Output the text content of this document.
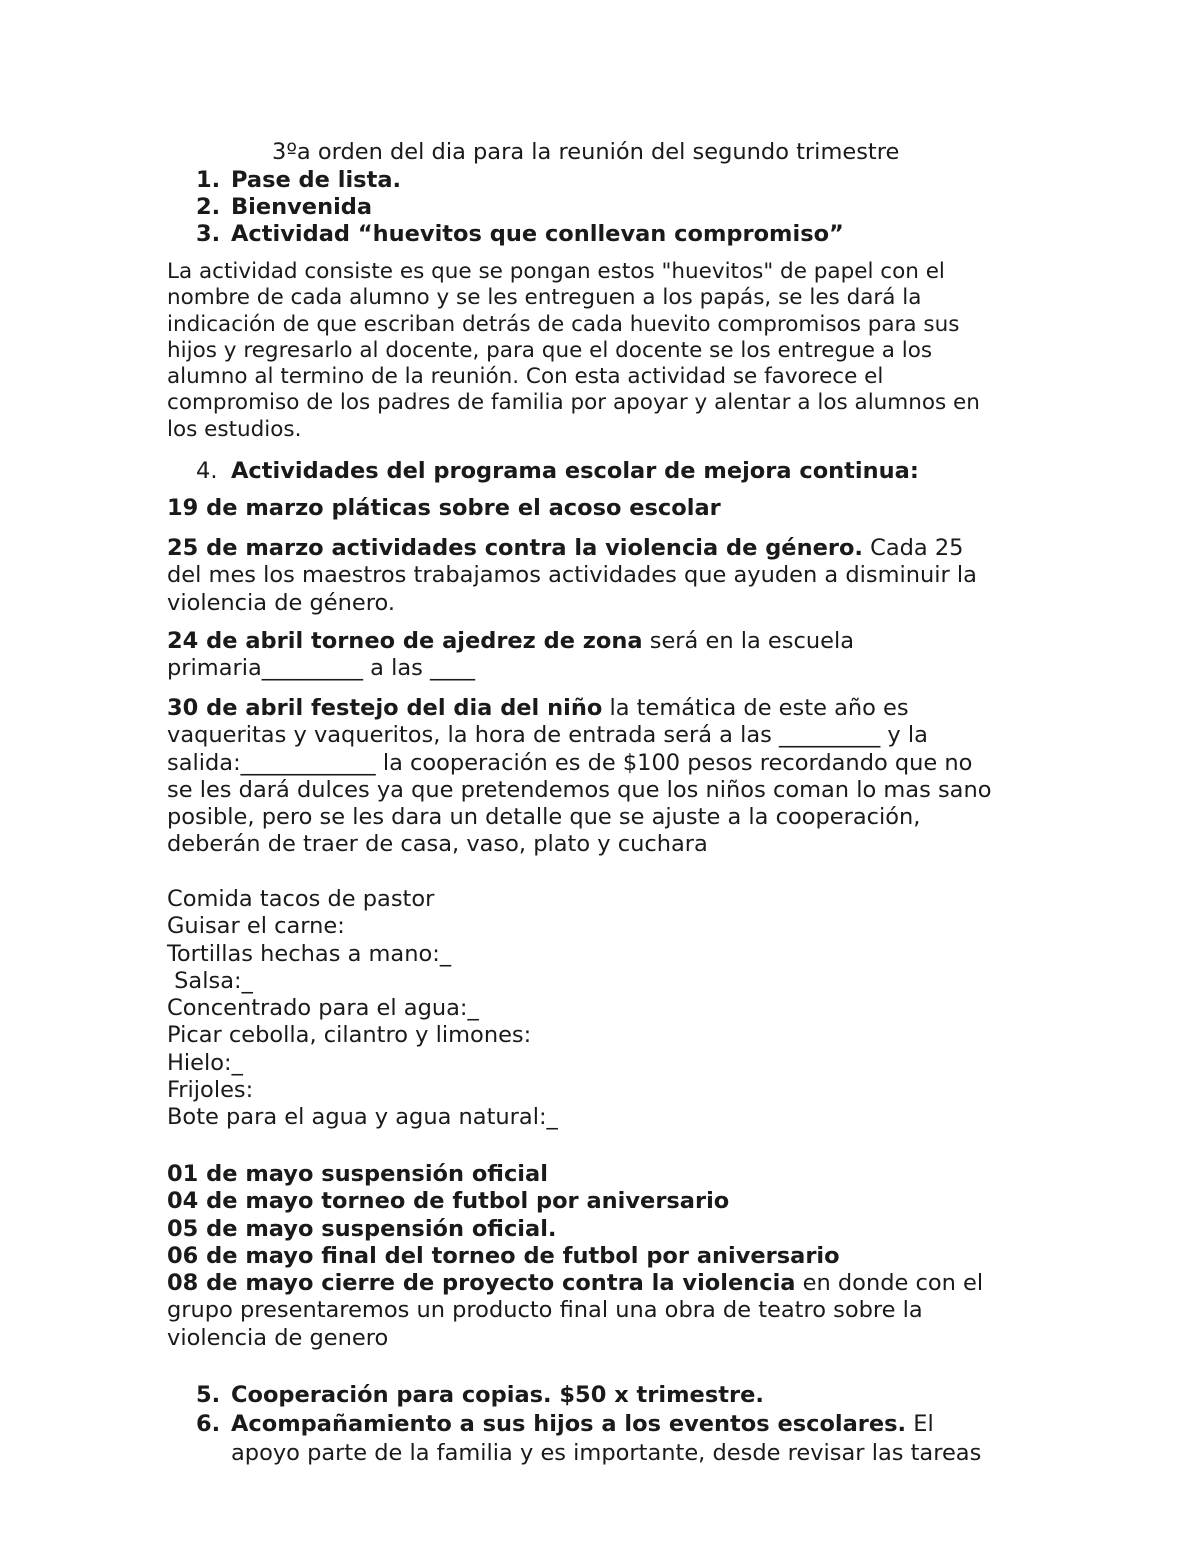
3ºa orden del dia para la reunión del segundo trimestre
1. Pase de lista.
2. Bienvenida
3. Actividad “huevitos que conllevan compromiso”
La actividad consiste es que se pongan estos "huevitos" de papel con el
nombre de cada alumno y se les entreguen a los papás, se les dará la
indicación de que escriban detrás de cada huevito compromisos para sus
hijos y regresarlo al docente, para que el docente se los entregue a los
alumno al termino de la reunión. Con esta actividad se favorece el
compromiso de los padres de familia por apoyar y alentar a los alumnos en
los estudios.
4. Actividades del programa escolar de mejora continua:
19 de marzo pláticas sobre el acoso escolar
25 de marzo actividades contra la violencia de género. Cada 25
del mes los maestros trabajamos actividades que ayuden a disminuir la
violencia de género.
24 de abril torneo de ajedrez de zona será en la escuela
primaria_________ a las ____
30 de abril festejo del dia del niño la temática de este año es
vaqueritas y vaqueritos, la hora de entrada será a las _________ y la
salida:____________ la cooperación es de $100 pesos recordando que no
se les dará dulces ya que pretendemos que los niños coman lo mas sano
posible, pero se les dara un detalle que se ajuste a la cooperación,
deberán de traer de casa, vaso, plato y cuchara
Comida tacos de pastor
Guisar el carne:
Tortillas hechas a mano:_
Salsa:_
Concentrado para el agua:_
Picar cebolla, cilantro y limones:
Hielo:_
Frijoles:
Bote para el agua y agua natural:_
01 de mayo suspensión oficial
04 de mayo torneo de futbol por aniversario
05 de mayo suspensión oficial.
06 de mayo final del torneo de futbol por aniversario
08 de mayo cierre de proyecto contra la violencia en donde con el
grupo presentaremos un producto final una obra de teatro sobre la
violencia de genero
5. Cooperación para copias. $50 x trimestre.
6. Acompañamiento a sus hijos a los eventos escolares. El
apoyo parte de la familia y es importante, desde revisar las tareas
